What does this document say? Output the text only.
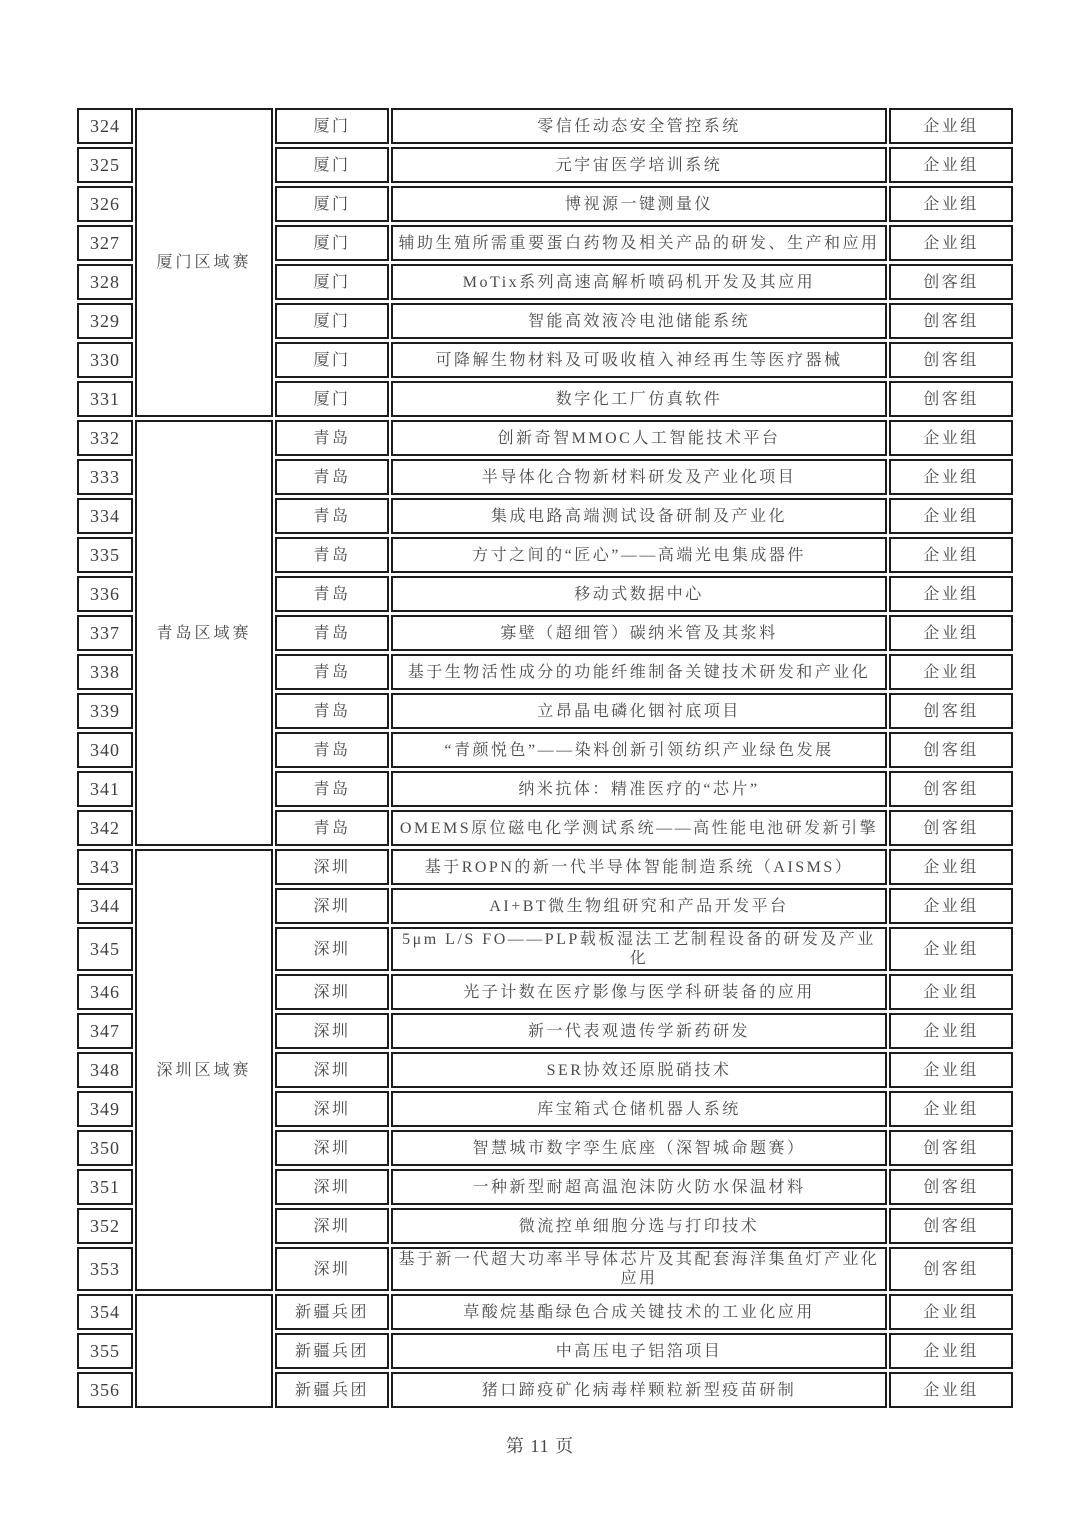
324	厦门区域赛	厦门	零信任动态安全管控系统	企业组
325		厦门	元宇宙医学培训系统	企业组
326		厦门	博视源一键测量仪	企业组
327		厦门	辅助生殖所需重要蛋白药物及相关产品的研发、生产和应用	企业组
328		厦门	MoTix系列高速高解析喷码机开发及其应用	创客组
329		厦门	智能高效液冷电池储能系统	创客组
330		厦门	可降解生物材料及可吸收植入神经再生等医疗器械	创客组
331		厦门	数字化工厂仿真软件	创客组
332	青岛区域赛	青岛	创新奇智MMOC人工智能技术平台	企业组
333		青岛	半导体化合物新材料研发及产业化项目	企业组
334		青岛	集成电路高端测试设备研制及产业化	企业组
335		青岛	方寸之间的“匠心”——高端光电集成器件	企业组
336		青岛	移动式数据中心	企业组
337		青岛	寡壁（超细管）碳纳米管及其浆料	企业组
338		青岛	基于生物活性成分的功能纤维制备关键技术研发和产业化	企业组
339		青岛	立昂晶电磷化铟衬底项目	创客组
340		青岛	“青颜悦色”——染料创新引领纺织产业绿色发展	创客组
341		青岛	纳米抗体：精准医疗的“芯片”	创客组
342		青岛	OMEMS原位磁电化学测试系统——高性能电池研发新引擎	创客组
343	深圳区域赛	深圳	基于ROPN的新一代半导体智能制造系统（AISMS）	企业组
344		深圳	AI+BT微生物组研究和产品开发平台	企业组
345		深圳	5μm L/S FO——PLP载板湿法工艺制程设备的研发及产业化	企业组
346		深圳	光子计数在医疗影像与医学科研装备的应用	企业组
347		深圳	新一代表观遗传学新药研发	企业组
348		深圳	SER协效还原脱硝技术	企业组
349		深圳	库宝箱式仓储机器人系统	企业组
350		深圳	智慧城市数字孪生底座（深智城命题赛）	创客组
351		深圳	一种新型耐超高温泡沫防火防水保温材料	创客组
352		深圳	微流控单细胞分选与打印技术	创客组
353		深圳	基于新一代超大功率半导体芯片及其配套海洋集鱼灯产业化应用	创客组
354		新疆兵团	草酸烷基酯绿色合成关键技术的工业化应用	企业组
355		新疆兵团	中高压电子铝箔项目	企业组
356		新疆兵团	猪口蹄疫矿化病毒样颗粒新型疫苗研制	企业组
第 11 页
